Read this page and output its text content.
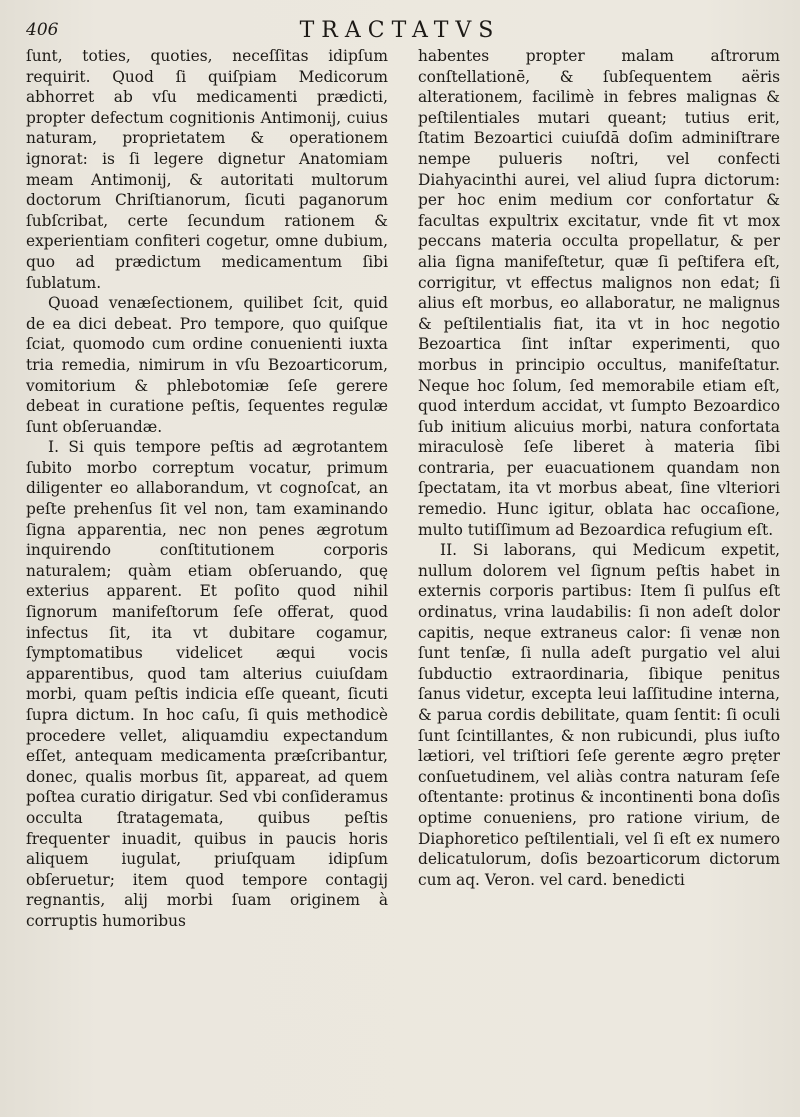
406	TRACTATVS

ſunt, toties, quoties, neceſſitas idipſum requirit. Quod ſi quiſpiam Medicorum abhorret ab vſu medicamenti prædicti, propter defectum cognitionis Antimonij, cuius naturam, proprietatem & operationem ignorat: is ſi legere dignetur Anatomiam meam Antimonij, & autoritati multorum doctorum Chriſtianorum, ſicuti paganorum ſubſcribat, certe ſecundum rationem & experientiam confiteri cogetur, omne dubium, quo ad prædictum medicamentum ſibi ſublatum.

Quoad venæſectionem, quilibet ſcit, quid de ea dici debeat. Pro tempore, quo quiſque ſciat, quomodo cum ordine conuenienti iuxta tria remedia, nimirum in vſu Bezoarticorum, vomitorium & phlebotomiæ ſeſe gerere debeat in curatione peſtis, ſequentes regulæ ſunt obſeruandæ.

I. Si quis tempore peſtis ad ægrotantem ſubito morbo correptum vocatur, primum diligenter eo allaborandum, vt cognoſcat, an peſte prehenſus ſit vel non, tam examinando ſigna apparentia, nec non penes ægrotum inquirendo conſtitutionem corporis naturalem; quàm etiam obſeruando, quę exterius apparent. Et poſito quod nihil ſignorum manifeſtorum ſeſe offerat, quod infectus ſit, ita vt dubitare cogamur, ſymptomatibus videlicet æqui vocis apparentibus, quod tam alterius cuiuſdam morbi, quam peſtis indicia eſſe queant, ſicuti ſupra dictum. In hoc caſu, ſi quis methodicè procedere vellet, aliquamdiu expectandum eſſet, antequam medicamenta præſcribantur, donec, qualis morbus ſit, appareat, ad quem poſtea curatio dirigatur. Sed vbi conſideramus occulta ſtratagemata, quibus peſtis frequenter inuadit, quibus in paucis horis aliquem iugulat, priuſquam idipſum obſeruetur; item quod tempore contagij regnantis, alij morbi ſuam originem à corruptis humoribus

habentes propter malam aſtrorum conſtellationē, & ſubſequentem aëris alterationem, facilimè in febres malignas & peſtilentiales mutari queant; tutius erit, ſtatim Bezoartici cuiuſdā doſim adminiſtrare nempe pulueris noſtri, vel confecti Diahyacinthi aurei, vel aliud ſupra dictorum: per hoc enim medium cor confortatur & facultas expultrix excitatur, vnde fit vt mox peccans materia occulta propellatur, & per alia ſigna manifeſtetur, quæ ſi peſtifera eſt, corrigitur, vt effectus malignos non edat; ſi alius eſt morbus, eo allaboratur, ne malignus & peſtilentialis fiat, ita vt in hoc negotio Bezoartica ſint inſtar experimenti, quo morbus in principio occultus, manifeſtatur. Neque hoc ſolum, ſed memorabile etiam eſt, quod interdum accidat, vt ſumpto Bezoardico ſub initium alicuius morbi, natura confortata miraculosè ſeſe liberet à materia ſibi contraria, per euacuationem quandam non ſpectatam, ita vt morbus abeat, ſine vlteriori remedio. Hunc igitur, oblata hac occaſione, multo tutiſſimum ad Bezoardica refugium eſt.

II. Si laborans, qui Medicum expetit, nullum dolorem vel ſignum peſtis habet in externis corporis partibus: Item ſi pulſus eſt ordinatus, vrina laudabilis: ſi non adeſt dolor capitis, neque extraneus calor: ſi venæ non ſunt tenſæ, ſi nulla adeſt purgatio vel alui ſubductio extraordinaria, ſibique penitus ſanus videtur, excepta leui laſſitudine interna, & parua cordis debilitate, quam ſentit: ſi oculi ſunt ſcintillantes, & non rubicundi, plus iuſto lætiori, vel triſtiori ſeſe gerente ægro pręter conſuetudinem, vel aliàs contra naturam ſeſe oſtentante: protinus & incontinenti bona doſis optime conueniens, pro ratione virium, de Diaphoretico peſtilentiali, vel ſi eſt ex numero delicatulorum, doſis bezoarticorum dictorum cum aq. Veron. vel card. benedicti
